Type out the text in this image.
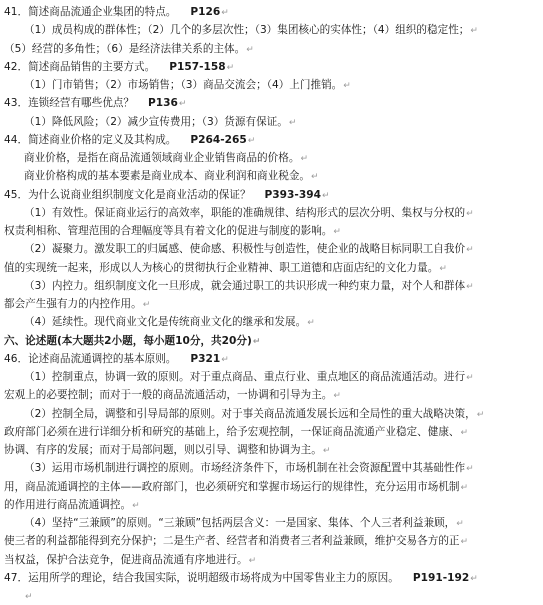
41．简述商品流通企业集团的特点。 P126↵
（1）成员构成的群体性；（2）几个的多层次性；（3）集团核心的实体性；（4）组织的稳定性；↵
（5）经营的多角性；（6）是经济法律关系的主体。↵
42．简述商品销售的主要方式。 P157-158↵
（1）门市销售；（2）市场销售；（3）商品交流会；（4）上门推销。↵
43．连锁经营有哪些优点？ P136↵
（1）降低风险；（2）减少宣传费用；（3）货源有保证。↵
44．简述商业价格的定义及其构成。 P264-265↵
商业价格，是指在商品流通领域商业企业销售商品的价格。↵
商业价格构成的基本要素是商业成本、商业利润和商业税金。↵
45．为什么说商业组织制度文化是商业活动的保证？ P393-394↵
（1）有效性。保证商业运行的高效率，职能的准确规律、结构形式的层次分明、集权与分权的↵
权责利相称、管理范围的合理幅度等具有着文化的促进与制度的影响。↵
（2）凝聚力。激发职工的归属感、使命感、积极性与创造性，使企业的战略目标同职工自我价↵
值的实现统一起来，形成以人为核心的贯彻执行企业精神、职工道德和店面店纪的文化力量。↵
（3）内控力。组织制度文化一旦形成，就会通过职工的共识形成一种约束力量，对个人和群体↵
都会产生强有力的内控作用。↵
（4）延续性。现代商业文化是传统商业文化的继承和发展。↵
六、论述题(本大题共2小题，每小题10分，共20分)↵
46．论述商品流通调控的基本原则。 P321↵
（1）控制重点，协调一致的原则。对于重点商品、重点行业、重点地区的商品流通活动。进行↵
宏观上的必要控制；而对于一般的商品流通活动，一协调和引导为主。↵
（2）控制全局，调整和引导局部的原则。对于事关商品流通发展长远和全局性的重大战略决策，↵
政府部门必须在进行详细分析和研究的基础上，给予宏观控制，一保证商品流通产业稳定、健康、↵
协调、有序的发展；而对于局部问题，则以引导、调整和协调为主。↵
（3）运用市场机制进行调控的原则。市场经济条件下，市场机制在社会资源配置中其基础性作↵
用，商品流通调控的主体——政府部门，也必须研究和掌握市场运行的规律性，充分运用市场机制↵
的作用进行商品流通调控。↵
（4）坚持“三兼顾”的原则。“三兼顾”包括两层含义：一是国家、集体、个人三者利益兼顾，↵
使三者的利益都能得到充分保护；二是生产者、经营者和消费者三者利益兼顾，维护交易各方的正↵
当权益，保护合法竞争，促进商品流通有序地进行。↵
47．运用所学的理论，结合我国实际，说明超级市场将成为中国零售业主力的原因。 P191-192↵
↵
